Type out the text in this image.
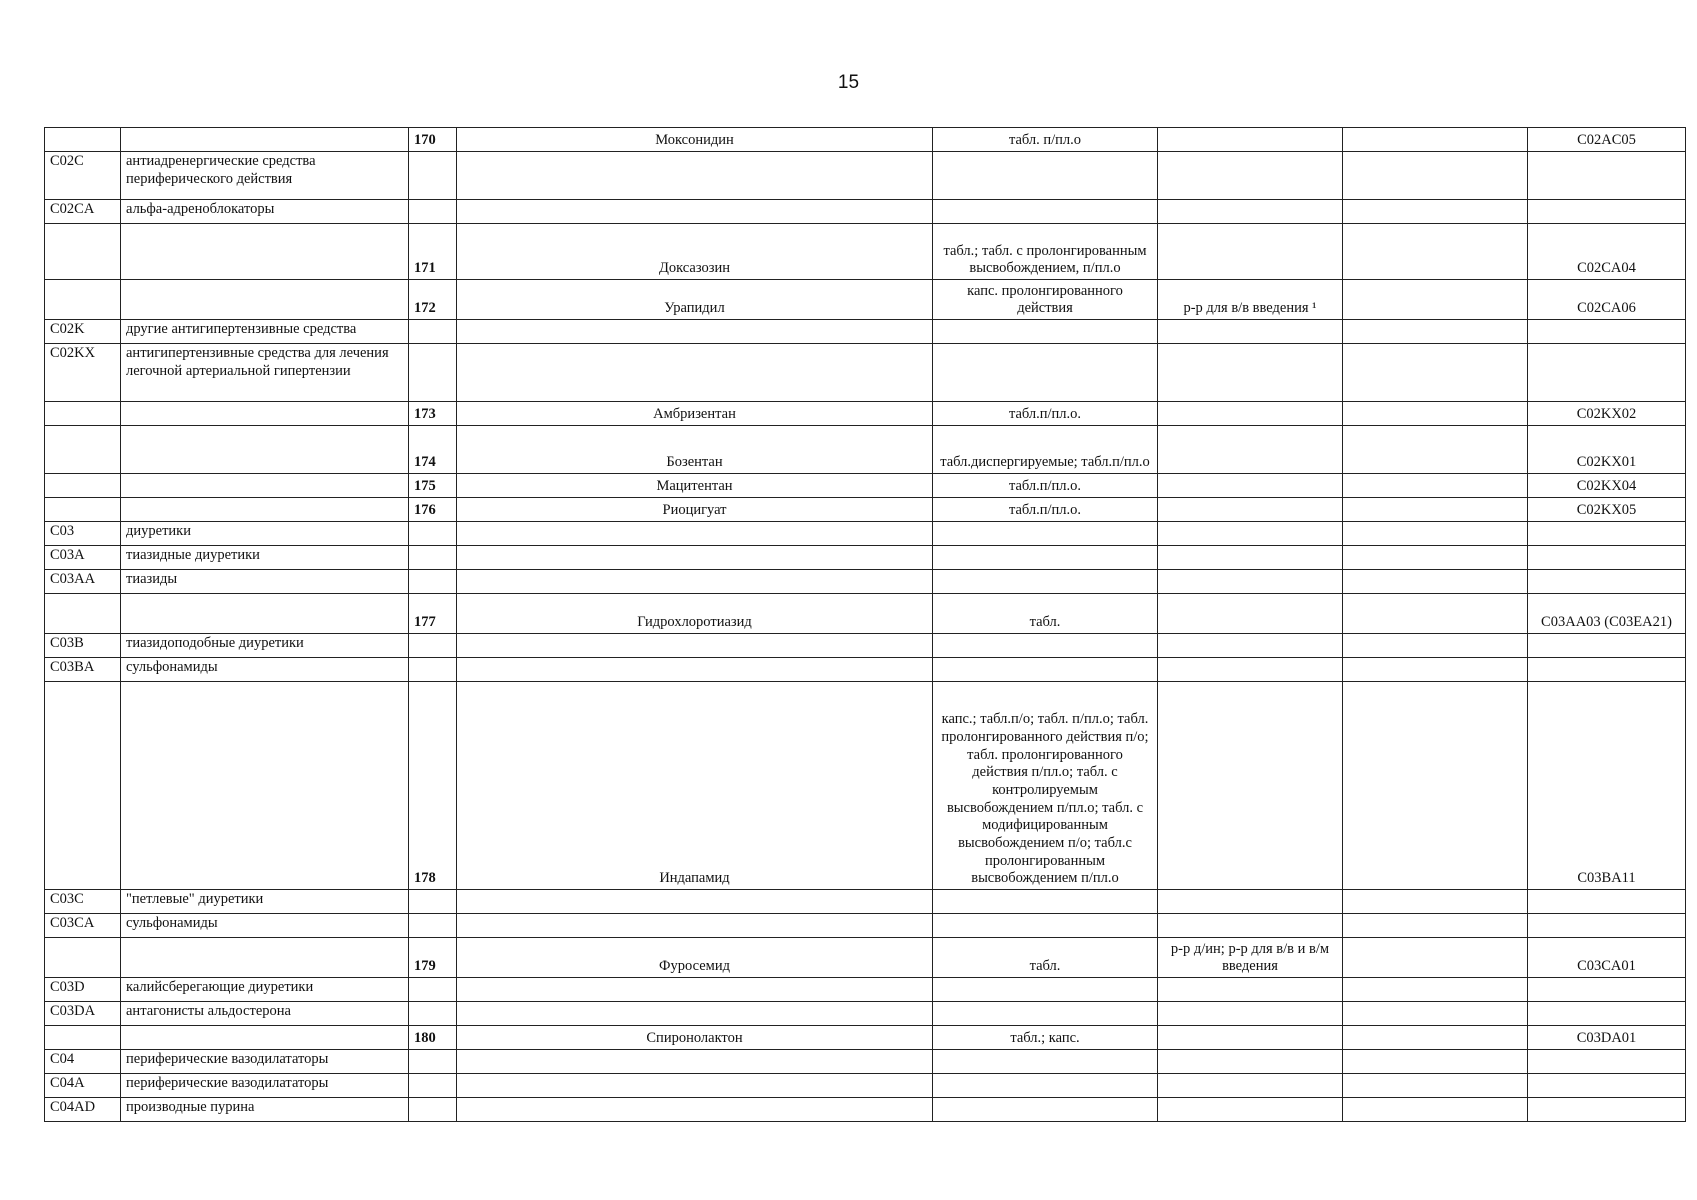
15
		170	Моксонидин	табл. п/пл.о			C02AC05
C02C	антиадренергические средства периферического действия						
C02CA	альфа-адреноблокаторы						
		171	Доксазозин	табл.; табл. с пролонгированным высвобождением, п/пл.о			C02CA04
		172	Урапидил	капс. пролонгированного действия	р-р для в/в введения ¹		C02CA06
C02K	другие антигипертензивные средства						
C02KX	антигипертензивные средства для лечения легочной артериальной гипертензии						
		173	Амбризентан	табл.п/пл.о.			C02KX02
		174	Бозентан	табл.диспергируемые; табл.п/пл.о			C02KX01
		175	Мацитентан	табл.п/пл.о.			C02KX04
		176	Риоцигуат	табл.п/пл.о.			C02KX05
C03	диуретики						
C03A	тиазидные диуретики						
C03AA	тиазиды						
		177	Гидрохлоротиазид	табл.			C03AA03 (C03EA21)
C03B	тиазидоподобные диуретики						
C03BA	сульфонамиды						
		178	Индапамид	капс.; табл.п/о; табл. п/пл.о; табл. пролонгированного действия п/о; табл. пролонгированного действия п/пл.о; табл. с контролируемым высвобождением п/пл.о; табл. с модифицированным высвобождением п/о; табл.с пролонгированным высвобождением п/пл.о			C03BA11
C03C	"петлевые" диуретики						
C03CA	сульфонамиды						
		179	Фуросемид	табл.	р-р д/ин; р-р для в/в и в/м введения		C03CA01
C03D	калийсберегающие диуретики						
C03DA	антагонисты альдостерона						
		180	Спиронолактон	табл.; капс.			C03DA01
C04	периферические вазодилататоры						
C04A	периферические вазодилататоры						
C04AD	производные пурина						
